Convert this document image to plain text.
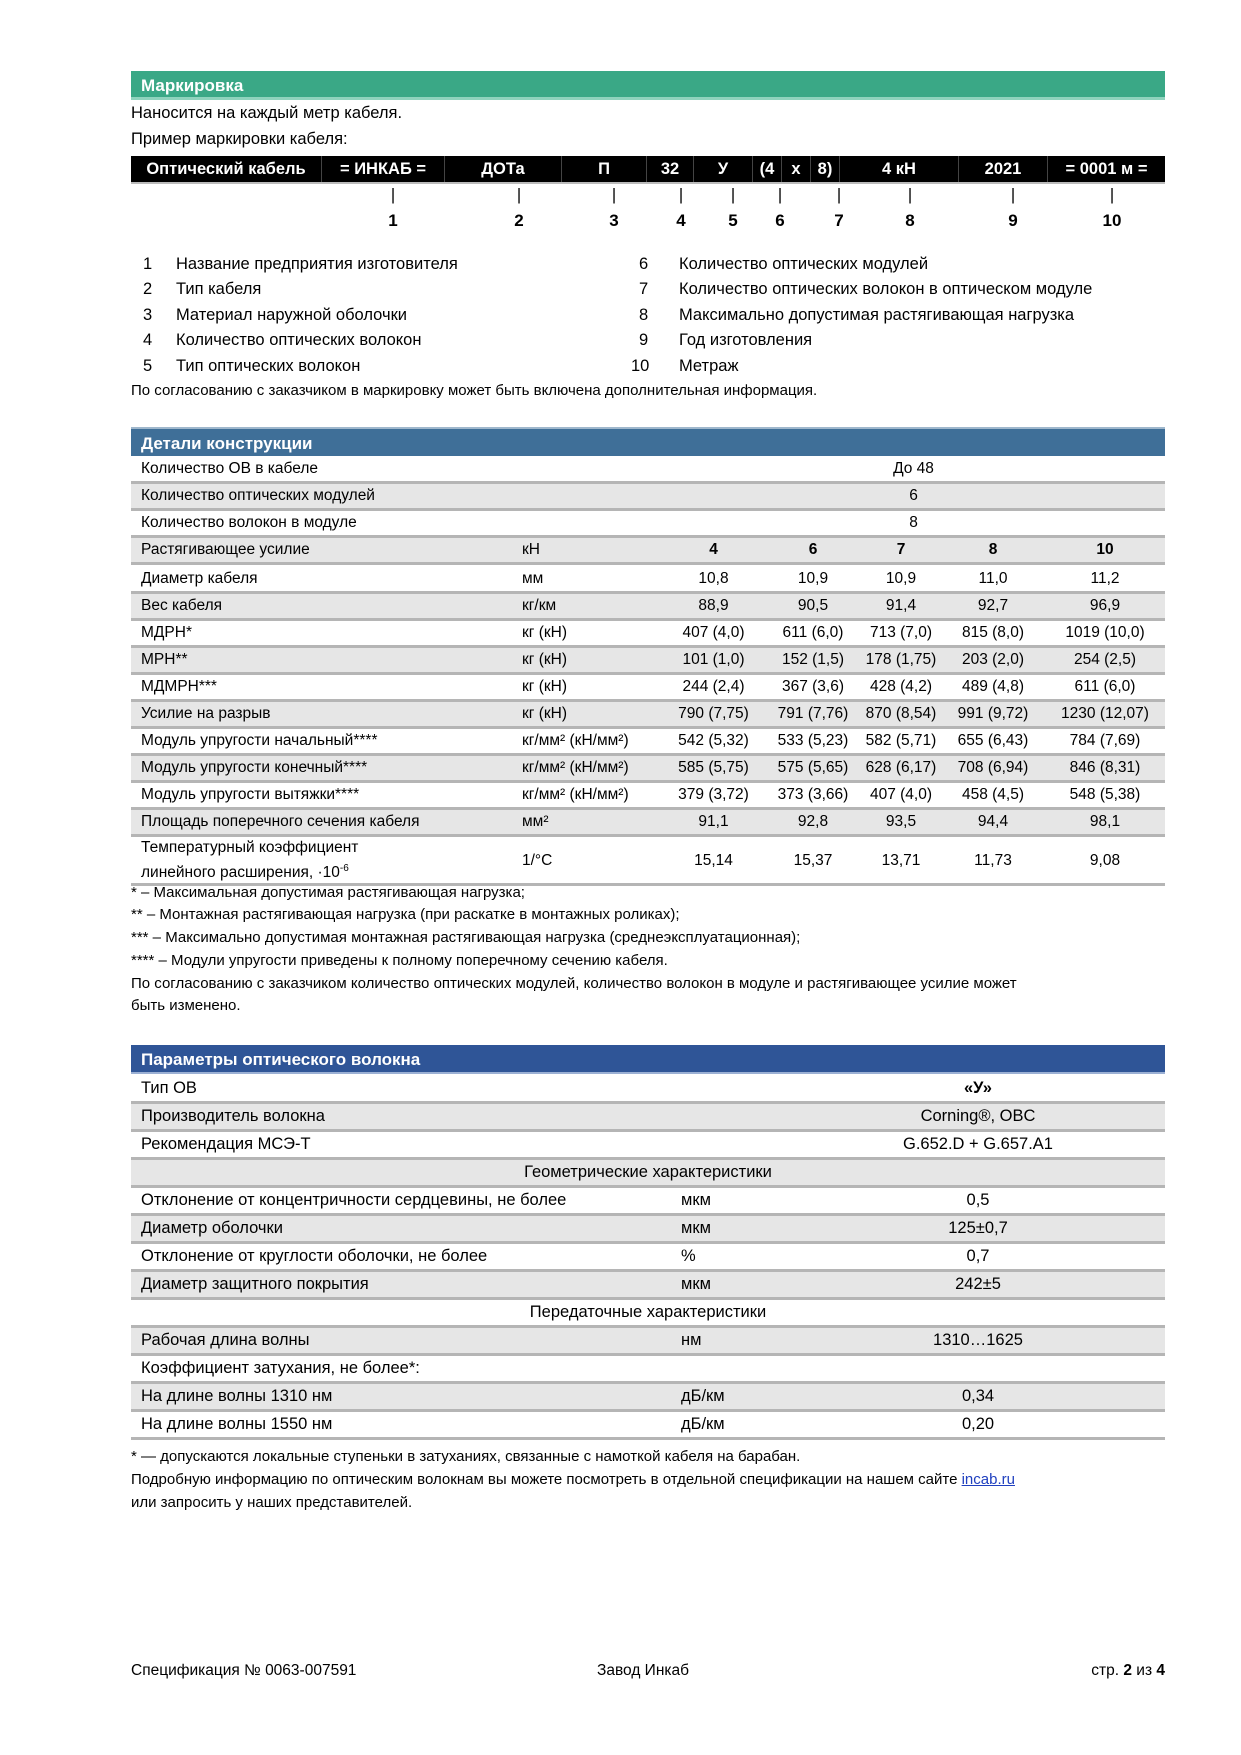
Маркировка
Наносится на каждый метр кабеля.
Пример маркировки кабеля:
Оптический кабель	= ИНКАБ =	ДОТа	П	32	У	(4	х	8)	4 кН	2021	= 0001 м =
|	|	|	|	|	|	|	|	|	|
1	2	3	4	5 6	7	8	9	10
1 Название предприятия изготовителя
2 Тип кабеля
3 Материал наружной оболочки
4 Количество оптических волокон
5 Тип оптических волокон
6 Количество оптических модулей
7 Количество оптических волокон в оптическом модуле
8 Максимально допустимая растягивающая нагрузка
9 Год изготовления
10 Метраж
По согласованию с заказчиком в маркировку может быть включена дополнительная информация.
Детали конструкции
Количество ОВ в кабеле		До 48				
Количество оптических модулей		6				
Количество волокон в модуле		8				
Растягивающее усилие	кН	4	6	7	8	10
Диаметр кабеля	мм	10,8	10,9	10,9	11,0	11,2
Вес кабеля	кг/км	88,9	90,5	91,4	92,7	96,9
МДРН*	кг (кН)	407 (4,0)	611 (6,0)	713 (7,0)	815 (8,0)	1019 (10,0)
МРН**	кг (кН)	101 (1,0)	152 (1,5)	178 (1,75)	203 (2,0)	254 (2,5)
МДМРН***	кг (кН)	244 (2,4)	367 (3,6)	428 (4,2)	489 (4,8)	611 (6,0)
Усилие на разрыв	кг (кН)	790 (7,75)	791 (7,76)	870 (8,54)	991 (9,72)	1230 (12,07)
Модуль упругости начальный****	кг/мм² (кН/мм²)	542 (5,32)	533 (5,23)	582 (5,71)	655 (6,43)	784 (7,69)
Модуль упругости конечный****	кг/мм² (кН/мм²)	585 (5,75)	575 (5,65)	628 (6,17)	708 (6,94)	846 (8,31)
Модуль упругости вытяжки****	кг/мм² (кН/мм²)	379 (3,72)	373 (3,66)	407 (4,0)	458 (4,5)	548 (5,38)
Площадь поперечного сечения кабеля	мм²	91,1	92,8	93,5	94,4	98,1

Температурный коэффициент
линейного расширения, $\cdot 10^{-6}$	1/°C	15,14	15,37	13,71	11,73	9,08
* – Максимальная допустимая растягивающая нагрузка;
** – Монтажная растягивающая нагрузка (при раскатке в монтажных роликах);
*** – Максимально допустимая монтажная растягивающая нагрузка (среднеэксплуатационная);
**** – Модули упругости приведены к полному поперечному сечению кабеля.
По согласованию с заказчиком количество оптических модулей, количество волокон в модуле и растягивающее усилие может
быть изменено.
Параметры оптического волокна
Тип ОВ		«У»
Производитель волокна		Corning®, OBC
Рекомендация МСЭ-Т		G.652.D + G.657.A1
Геометрические характеристики		
Отклонение от концентричности сердцевины, не более	мкм	0,5
Диаметр оболочки	мкм	125±0,7
Отклонение от круглости оболочки, не более	%	0,7
Диаметр защитного покрытия	мкм	242±5
Передаточные характеристики		
Рабочая длина волны	нм	1310…1625
Коэффициент затухания, не более*:		
На длине волны 1310 нм	дБ/км	0,34
На длине волны 1550 нм	дБ/км	0,20
* — допускаются локальные ступеньки в затуханиях, связанные с намоткой кабеля на барабан.
Подробную информацию по оптическим волокнам вы можете посмотреть в отдельной спецификации на нашем сайте incab.ru
или запросить у наших представителей.
Спецификация № 0063-007591	Завод Инкаб	стр. 2 из 4
